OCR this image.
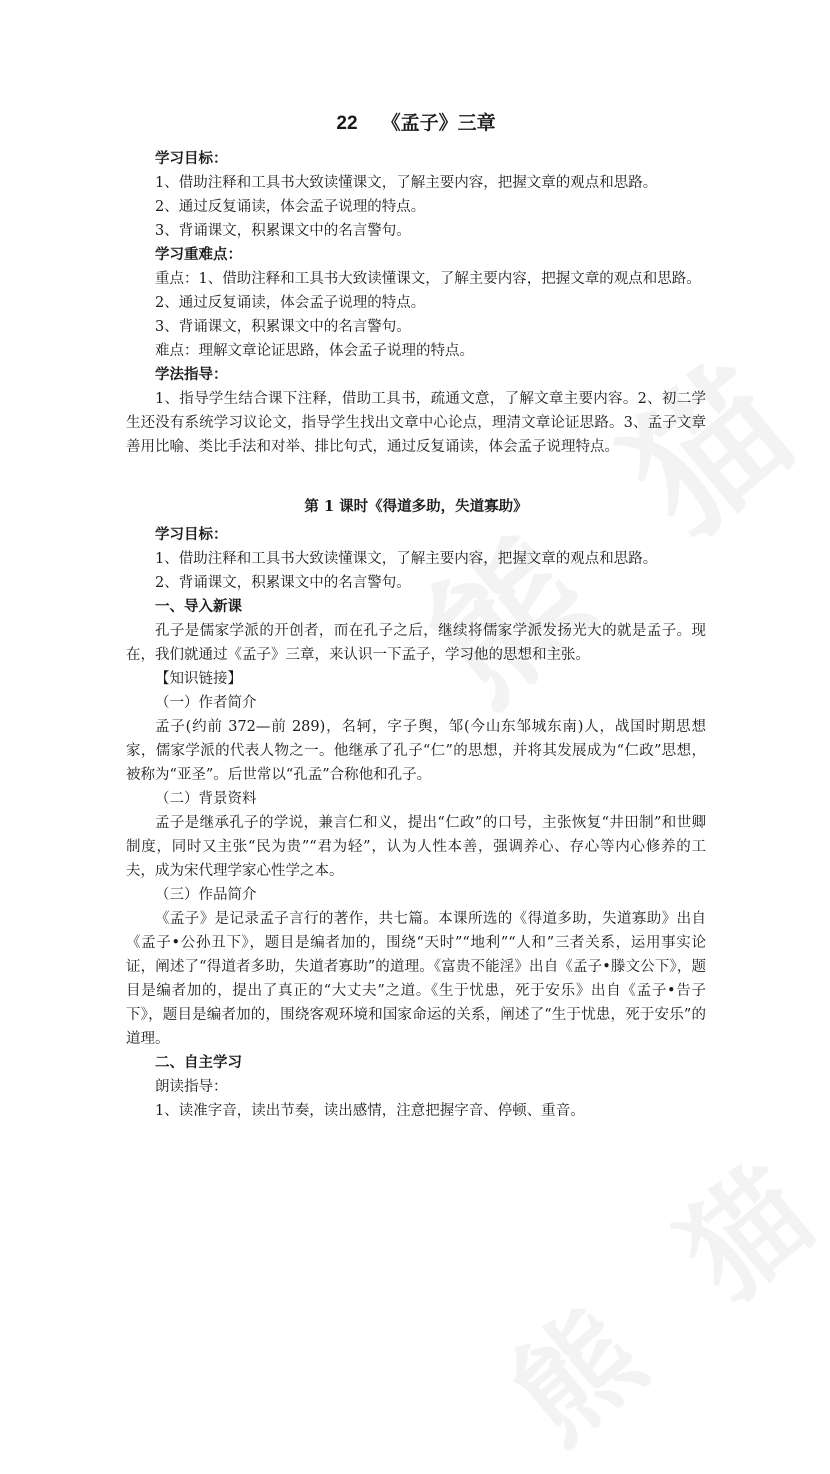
22 《孟子》三章

学习目标：

1、借助注释和工具书大致读懂课文，了解主要内容，把握文章的观点和思路。

2、通过反复诵读，体会孟子说理的特点。

3、背诵课文，积累课文中的名言警句。

学习重难点：

重点：1、借助注释和工具书大致读懂课文，了解主要内容，把握文章的观点和思路。

2、通过反复诵读，体会孟子说理的特点。

3、背诵课文，积累课文中的名言警句。

难点：理解文章论证思路，体会孟子说理的特点。

学法指导：

1、指导学生结合课下注释，借助工具书，疏通文意，了解文章主要内容。2、初二学生还没有系统学习议论文，指导学生找出文章中心论点，理清文章论证思路。3、孟子文章善用比喻、类比手法和对举、排比句式，通过反复诵读，体会孟子说理特点。

第 1 课时《得道多助，失道寡助》

学习目标：

1、借助注释和工具书大致读懂课文，了解主要内容，把握文章的观点和思路。

2、背诵课文，积累课文中的名言警句。

一、导入新课

孔子是儒家学派的开创者，而在孔子之后，继续将儒家学派发扬光大的就是孟子。现在，我们就通过《孟子》三章，来认识一下孟子，学习他的思想和主张。

【知识链接】

（一）作者简介

孟子(约前 372—前 289)，名轲，字子舆，邹(今山东邹城东南)人，战国时期思想家，儒家学派的代表人物之一。他继承了孔子“仁”的思想，并将其发展成为“仁政”思想，被称为“亚圣”。后世常以“孔孟”合称他和孔子。

（二）背景资料

孟子是继承孔子的学说，兼言仁和义，提出“仁政”的口号，主张恢复“井田制”和世卿制度，同时又主张“民为贵”“君为轻”，认为人性本善，强调养心、存心等内心修养的工夫，成为宋代理学家心性学之本。

（三）作品简介

《孟子》是记录孟子言行的著作，共七篇。本课所选的《得道多助，失道寡助》出自《孟子•公孙丑下》，题目是编者加的，围绕“天时”“地利”“人和”三者关系，运用事实论证，阐述了“得道者多助，失道者寡助”的道理。《富贵不能淫》出自《孟子•滕文公下》，题目是编者加的，提出了真正的“大丈夫”之道。《生于忧患，死于安乐》出自《孟子•告子下》，题目是编者加的，围绕客观环境和国家命运的关系，阐述了“生于忧患，死于安乐”的道理。

二、自主学习

朗读指导：

1、读准字音，读出节奏，读出感情，注意把握字音、停顿、重音。
